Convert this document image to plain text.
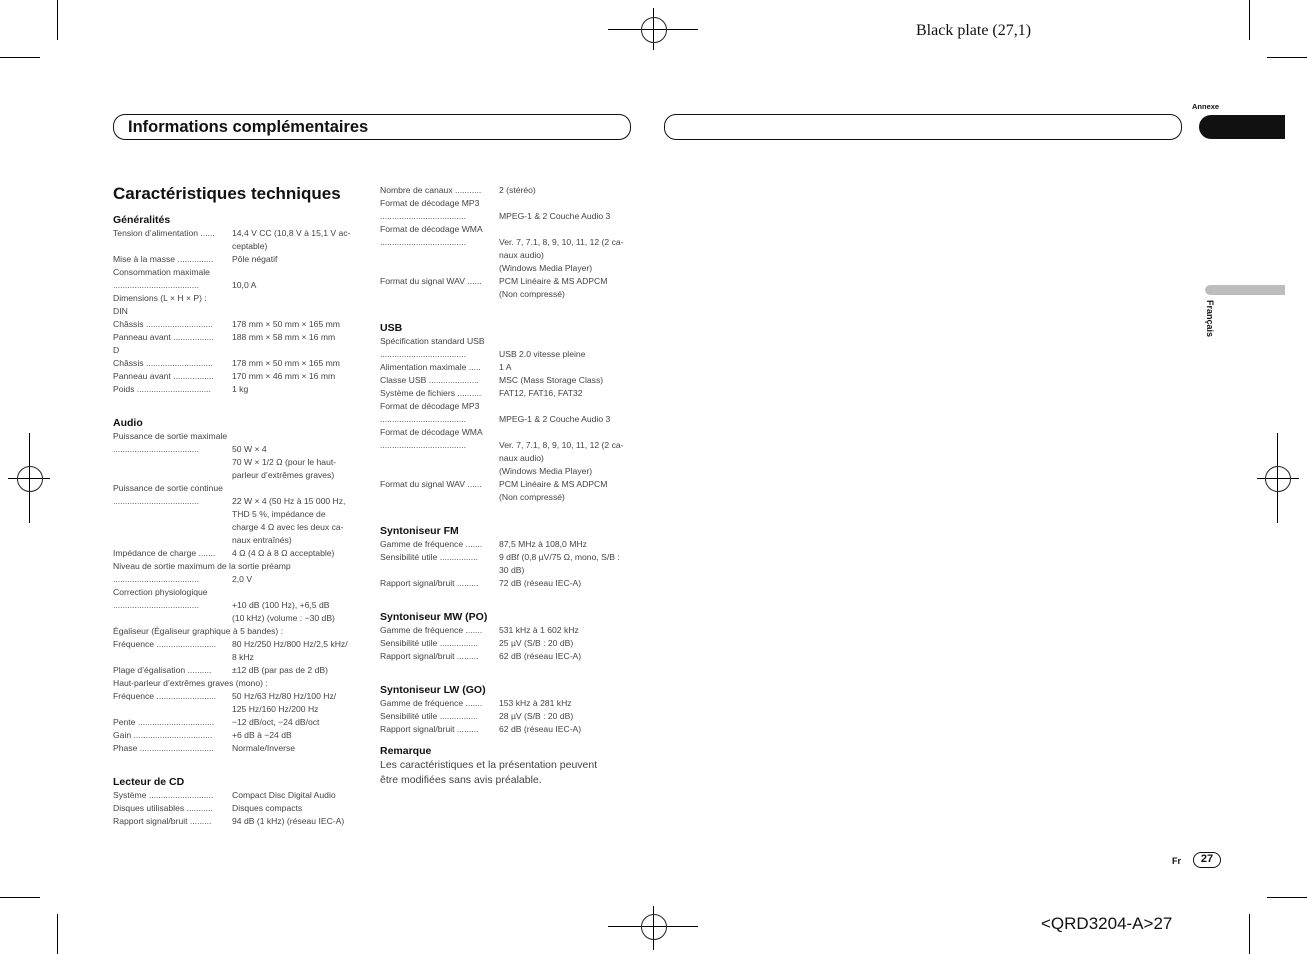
Black plate (27,1)
Informations complémentaires
Annexe
Français
Caractéristiques techniques
Généralités
Tension d’alimentation ......	14,4 V CC (10,8 V à 15,1 V ac-
ceptable)
Mise à la masse ...............	Pôle négatif
Consommation maximale
....................................	10,0 A
Dimensions (L × H × P) :
DIN
Châssis ............................	178 mm × 50 mm × 165 mm
Panneau avant .................	188 mm × 58 mm × 16 mm
D
Châssis ............................	178 mm × 50 mm × 165 mm
Panneau avant .................	170 mm × 46 mm × 16 mm
Poids ...............................	1 kg
Audio
Puissance de sortie maximale
....................................	50 W × 4
70 W × 1/2 Ω (pour le haut-
parleur d’extrêmes graves)
Puissance de sortie continue
....................................	22 W × 4 (50 Hz à 15 000 Hz,
THD 5 %, impédance de
charge 4 Ω avec les deux ca-
naux entraînés)
Impédance de charge .......	4 Ω (4 Ω à 8 Ω acceptable)
Niveau de sortie maximum de la sortie préamp
....................................	2,0 V
Correction physiologique
....................................	+10 dB (100 Hz), +6,5 dB
(10 kHz) (volume : −30 dB)
Égaliseur (Égaliseur graphique à 5 bandes) :
Fréquence .........................	80 Hz/250 Hz/800 Hz/2,5 kHz/
8 kHz
Plage d’égalisation ..........	±12 dB (par pas de 2 dB)
Haut-parleur d’extrêmes graves (mono) :
Fréquence .........................	50 Hz/63 Hz/80 Hz/100 Hz/
125 Hz/160 Hz/200 Hz
Pente ................................	−12 dB/oct, −24 dB/oct
Gain .................................	+6 dB à −24 dB
Phase ...............................	Normale/Inverse
Lecteur de CD
Système ...........................	Compact Disc Digital Audio
Disques utilisables ...........	Disques compacts
Rapport signal/bruit .........	94 dB (1 kHz) (réseau IEC-A)
Nombre de canaux ...........	2 (stéréo)
Format de décodage MP3
....................................	MPEG-1 & 2 Couche Audio 3
Format de décodage WMA
....................................	Ver. 7, 7.1, 8, 9, 10, 11, 12 (2 ca-
naux audio)
(Windows Media Player)
Format du signal WAV ......	PCM Linéaire & MS ADPCM
(Non compressé)
USB
Spécification standard USB
....................................	USB 2.0 vitesse pleine
Alimentation maximale .....	1 A
Classe USB .....................	MSC (Mass Storage Class)
Système de fichiers ..........	FAT12, FAT16, FAT32
Format de décodage MP3
....................................	MPEG-1 & 2 Couche Audio 3
Format de décodage WMA
....................................	Ver. 7, 7.1, 8, 9, 10, 11, 12 (2 ca-
naux audio)
(Windows Media Player)
Format du signal WAV ......	PCM Linéaire & MS ADPCM
(Non compressé)
Syntoniseur FM
Gamme de fréquence .......	87,5 MHz à 108,0 MHz
Sensibilité utile ................	9 dBf (0,8 µV/75 Ω, mono, S/B :
30 dB)
Rapport signal/bruit .........	72 dB (réseau IEC-A)
Syntoniseur MW (PO)
Gamme de fréquence .......	531 kHz à 1 602 kHz
Sensibilité utile ................	25 µV (S/B : 20 dB)
Rapport signal/bruit .........	62 dB (réseau IEC-A)
Syntoniseur LW (GO)
Gamme de fréquence .......	153 kHz à 281 kHz
Sensibilité utile ................	28 µV (S/B : 20 dB)
Rapport signal/bruit .........	62 dB (réseau IEC-A)
Remarque
Les caractéristiques et la présentation peuvent
être modifiées sans avis préalable.
Fr	27
<QRD3204-A>27
